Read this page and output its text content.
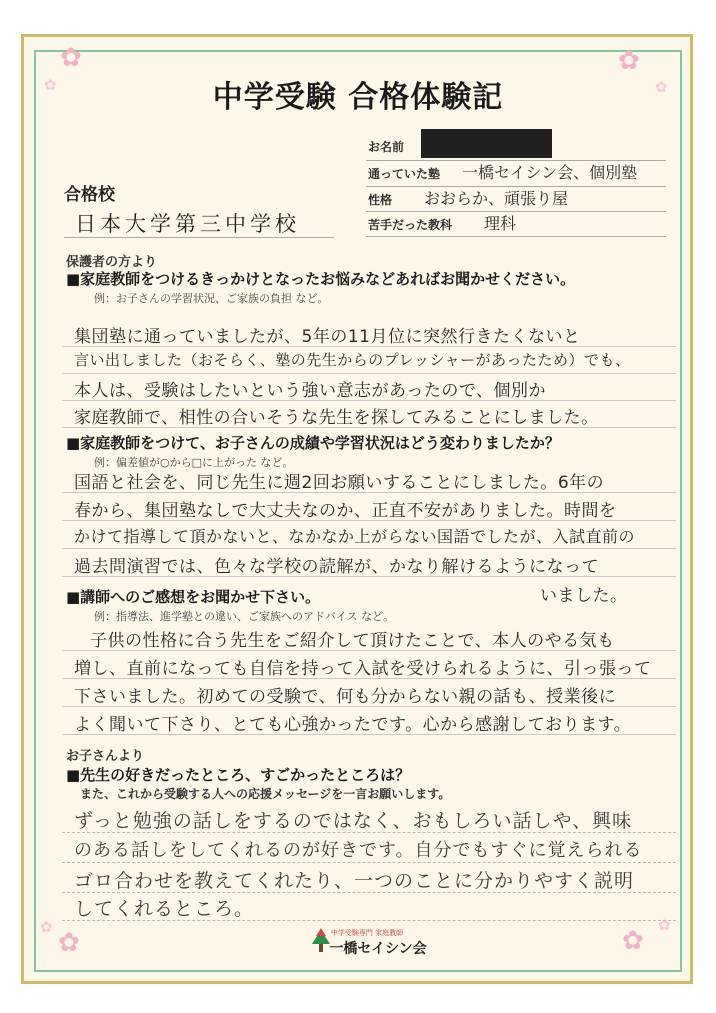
✿
✿
✿
✿
✿
✿	✿
✿
中学受験 合格体験記
お名前
通っていた塾 一橋セイシン会、個別塾
性格 おおらか、頑張り屋
苦手だった教科 理科
合格校
日本大学第三中学校
保護者の方より
■家庭教師をつけるきっかけとなったお悩みなどあればお聞かせください。
例：お子さんの学習状況、ご家族の負担 など。
集団塾に通っていましたが、5年の11月位に突然行きたくないと
言い出しました（おそらく、塾の先生からのプレッシャーがあったため）でも、
本人は、受験はしたいという強い意志があったので、個別か
家庭教師で、相性の合いそうな先生を探してみることにしました。
■家庭教師をつけて、お子さんの成績や学習状況はどう変わりましたか？
例：偏差値が○から□に上がった など。
国語と社会を、同じ先生に週2回お願いすることにしました。6年の
春から、集団塾なしで大丈夫なのか、正直不安がありました。時間を
かけて指導して頂かないと、なかなか上がらない国語でしたが、入試直前の
過去問演習では、色々な学校の読解が、かなり解けるようになって
いました。
■講師へのご感想をお聞かせ下さい。
例：指導法、進学塾との違い、ご家族へのアドバイス など。
子供の性格に合う先生をご紹介して頂けたことで、本人のやる気も
増し、直前になっても自信を持って入試を受けられるように、引っ張って
下さいました。初めての受験で、何も分からない親の話も、授業後に
よく聞いて下さり、とても心強かったです。心から感謝しております。
お子さんより
■先生の好きだったところ、すごかったところは？
また、これから受験する人への応援メッセージを一言お願いします。
ずっと勉強の話しをするのではなく、おもしろい話しや、興味
のある話しをしてくれるのが好きです。自分でもすぐに覚えられる
ゴロ合わせを教えてくれたり、一つのことに分かりやすく説明
してくれるところ。
中学受験専門 家庭教師
一橋セイシン会
